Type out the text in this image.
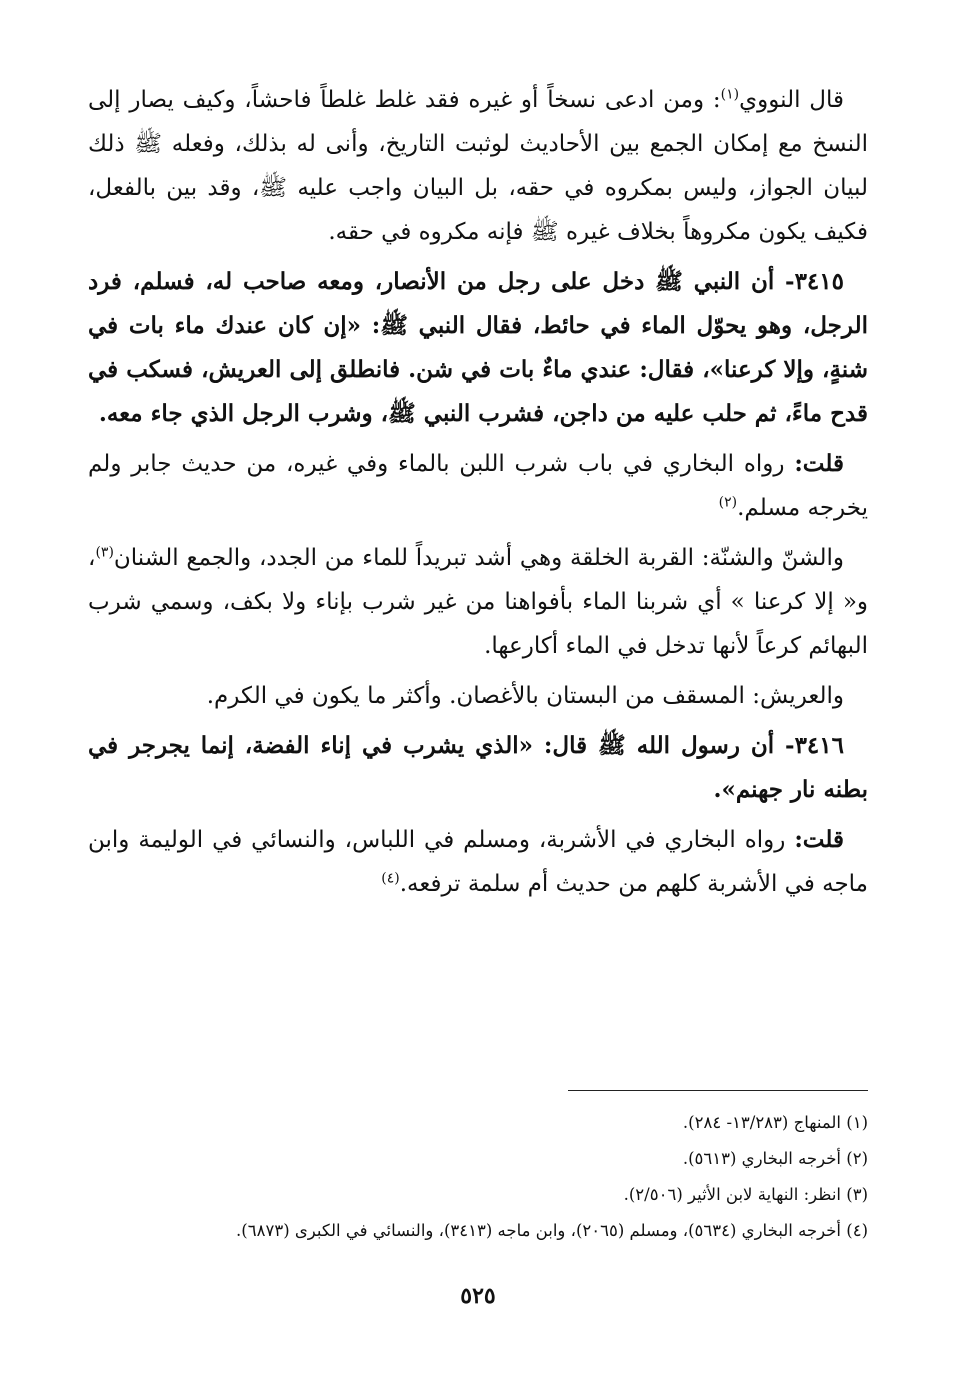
قال النووي$^{(١)}$: ومن ادعى نسخاً أو غيره فقد غلط غلطاً فاحشاً، وكيف يصار إلى النسخ مع إمكان الجمع بين الأحاديث لوثبت التاريخ، وأنى له بذلك، وفعله ﷺ ذلك لبيان الجواز، وليس بمكروه في حقه، بل البيان واجب عليه ﷺ، وقد بين بالفعل، فكيف يكون مكروهاً بخلاف غيره ﷺ فإنه مكروه في حقه.

٣٤١٥- أن النبي ﷺ دخل على رجل من الأنصار، ومعه صاحب له، فسلم، فرد الرجل، وهو يحوّل الماء في حائط، فقال النبي ﷺ: «إن كان عندك ماء بات في شنةٍ، وإلا كرعنا»، فقال: عندي ماءٌ بات في شن. فانطلق إلى العريش، فسكب في قدح ماءً، ثم حلب عليه من داجن، فشرب النبي ﷺ، وشرب الرجل الذي جاء معه.

قلت: رواه البخاري في باب شرب اللبن بالماء وفي غيره، من حديث جابر ولم يخرجه مسلم.$^{(٢)}$

والشنّ والشنّة: القربة الخلقة وهي أشد تبريداً للماء من الجدد، والجمع الشنان$^{(٣)}$، و« إلا كرعنا » أي شربنا الماء بأفواهنا من غير شرب بإناء ولا بكف، وسمي شرب البهائم كرعاً لأنها تدخل في الماء أكارعها.

والعريش: المسقف من البستان بالأغصان. وأكثر ما يكون في الكرم.

٣٤١٦- أن رسول الله ﷺ قال: «الذي يشرب في إناء الفضة، إنما يجرجر في بطنه نار جهنم».

قلت: رواه البخاري في الأشربة، ومسلم في اللباس، والنسائي في الوليمة وابن ماجه في الأشربة كلهم من حديث أم سلمة ترفعه.$^{(٤)}$

(١) المنهاج (١٣/٢٨٣- ٢٨٤).

(٢) أخرجه البخاري (٥٦١٣).

(٣) انظر: النهاية لابن الأثير (٢/٥٠٦).

(٤) أخرجه البخاري (٥٦٣٤)، ومسلم (٢٠٦٥)، وابن ماجه (٣٤١٣)، والنسائي في الكبرى (٦٨٧٣).

٥٢٥
